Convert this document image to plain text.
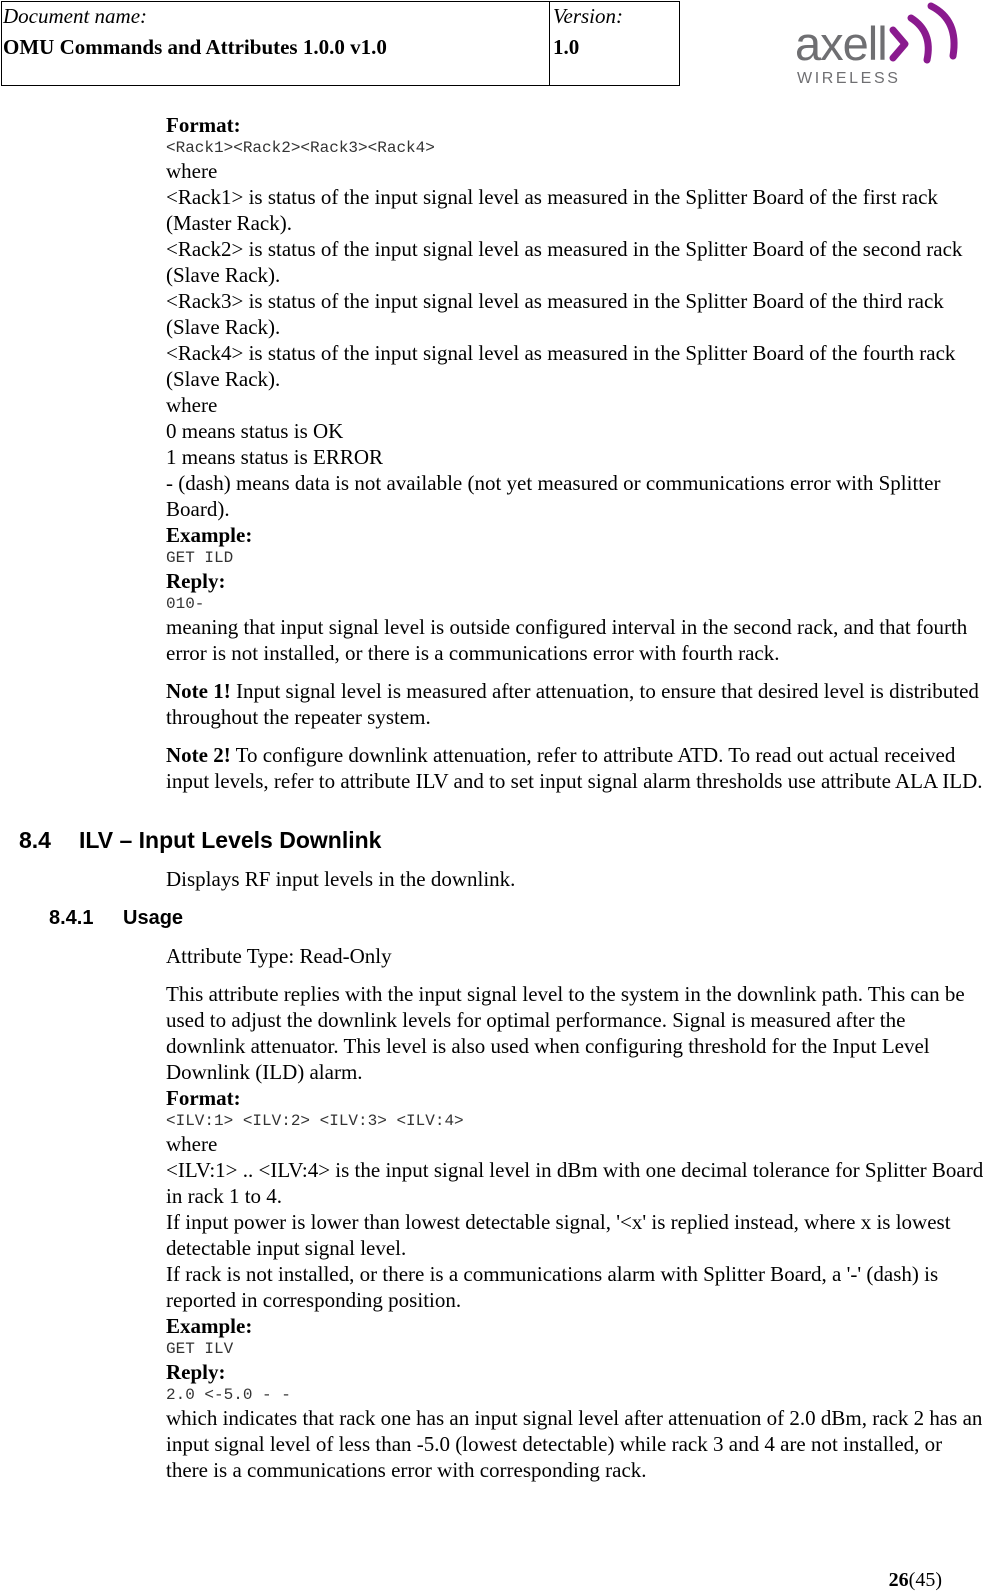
Document name:
OMU Commands and Attributes 1.0.0 v1.0
Version:
1.0	axell
WIRELESS

Format:

<Rack1><Rack2><Rack3><Rack4>

where

<Rack1> is status of the input signal level as measured in the Splitter Board of the first rack (Master Rack).

<Rack2> is status of the input signal level as measured in the Splitter Board of the second rack (Slave Rack).

<Rack3> is status of the input signal level as measured in the Splitter Board of the third rack (Slave Rack).

<Rack4> is status of the input signal level as measured in the Splitter Board of the fourth rack (Slave Rack).

where

0 means status is OK

1 means status is ERROR

- (dash) means data is not available (not yet measured or communications error with Splitter Board).

Example:

GET ILD

Reply:

010-

meaning that input signal level is outside configured interval in the second rack, and that fourth error is not installed, or there is a communications error with fourth rack.

Note 1! Input signal level is measured after attenuation, to ensure that desired level is distributed throughout the repeater system.

Note 2! To configure downlink attenuation, refer to attribute ATD. To read out actual received input levels, refer to attribute ILV and to set input signal alarm thresholds use attribute ALA ILD.

8.4 ILV – Input Levels Downlink

Displays RF input levels in the downlink.

8.4.1 Usage

Attribute Type: Read-Only

This attribute replies with the input signal level to the system in the downlink path. This can be used to adjust the downlink levels for optimal performance. Signal is measured after the downlink attenuator. This level is also used when configuring threshold for the Input Level Downlink (ILD) alarm.

Format:

<ILV:1> <ILV:2> <ILV:3> <ILV:4>

where

<ILV:1> .. <ILV:4> is the input signal level in dBm with one decimal tolerance for Splitter Board in rack 1 to 4.

If input power is lower than lowest detectable signal, '<x' is replied instead, where x is lowest detectable input signal level.

If rack is not installed, or there is a communications alarm with Splitter Board, a '-' (dash) is reported in corresponding position.

Example:

GET ILV

Reply:

2.0 <-5.0 - -

which indicates that rack one has an input signal level after attenuation of 2.0 dBm, rack 2 has an input signal level of less than -5.0 (lowest detectable) while rack 3 and 4 are not installed, or there is a communications error with corresponding rack.

26(45)
